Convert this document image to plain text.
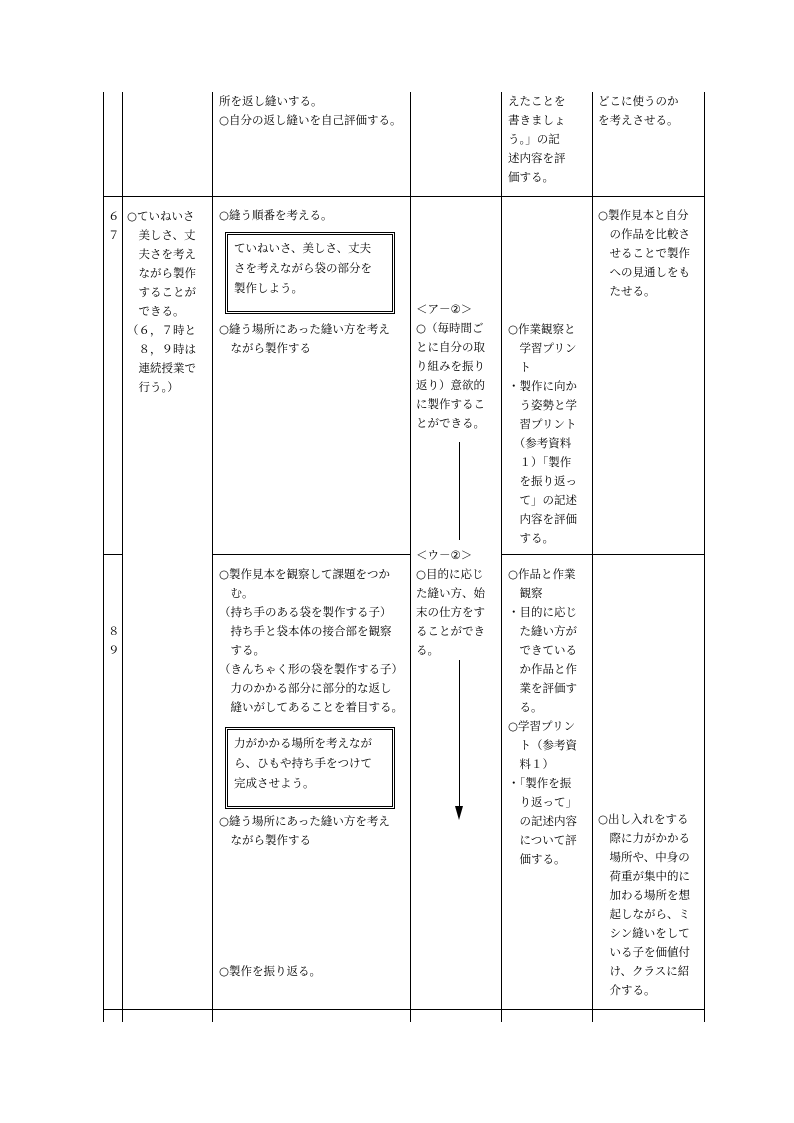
所を返し縫いする。
○自分の返し縫いを自己評価する。
えたことを
書きましょ
う。」の記
述内容を評
価する。
どこに使うのか
を考えさせる。
６
７
○ていねいさ
　美しさ、丈
　夫さを考え
　ながら製作
　することが
　できる。
（６，７時と
　８，９時は
　連続授業で
　行う。）
○縫う順番を考える。
ていねいさ、美しさ、丈夫
さを考えながら袋の部分を
製作しよう。
○縫う場所にあった縫い方を考え
　ながら製作する
＜ア－②＞
○（毎時間ご
とに自分の取
り組みを振り
返り）意欲的
に製作するこ
とができる。
○作業観察と
　学習プリン
　ト
・製作に向か
　う姿勢と学
　習プリント
　（参考資料
　１）「製作
　を振り返っ
　て」の記述
　内容を評価
　する。
○製作見本と自分
　の作品を比較さ
　せることで製作
　への見通しをも
　たせる。
８
９
○製作見本を観察して課題をつか
　む。
（持ち手のある袋を製作する子）
　持ち手と袋本体の接合部を観察
　する。
（きんちゃく形の袋を製作する子）
　力のかかる部分に部分的な返し
　縫いがしてあることを着目する。
力がかかる場所を考えなが
ら、ひもや持ち手をつけて
完成させよう。
○縫う場所にあった縫い方を考え
　ながら製作する
○製作を振り返る。
＜ウ－②＞
○目的に応じ
た縫い方、始
末の仕方をす
ることができ
る。
○作品と作業
　観察
・目的に応じ
　た縫い方が
　できている
　か作品と作
　業を評価す
　る。
○学習プリン
　ト（参考資
　料１）
・「製作を振
　り返って」
　の記述内容
　について評
　価する。
○出し入れをする
　際に力がかかる
　場所や、中身の
　荷重が集中的に
　加わる場所を想
　起しながら、ミ
　シン縫いをして
　いる子を価値付
　け、クラスに紹
　介する。
